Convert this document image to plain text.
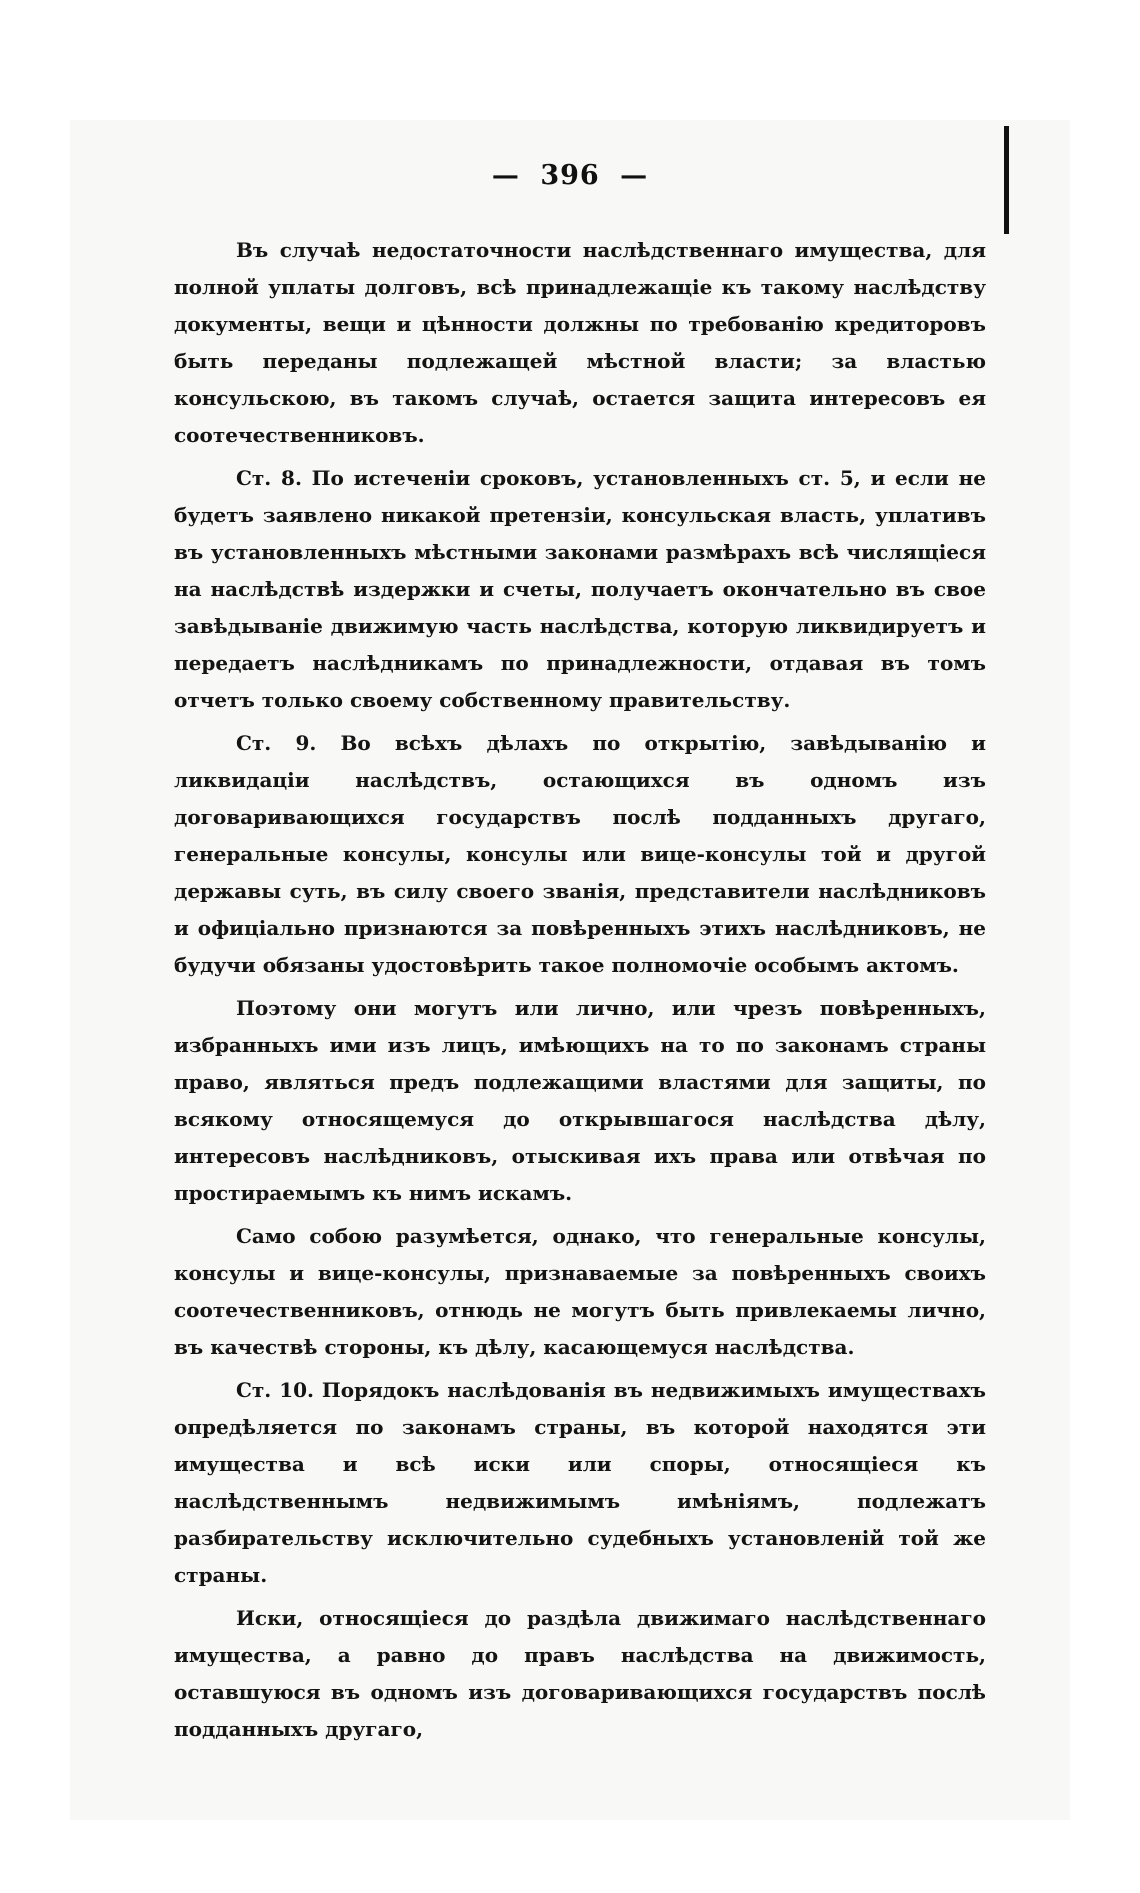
— 396 —

Въ случаѣ недостаточности наслѣдственнаго имущества, для полной уплаты долговъ, всѣ принадлежащіе къ такому наслѣдству документы, вещи и цѣнности должны по требованію кредиторовъ быть переданы подлежащей мѣстной власти; за властью консульскою, въ такомъ случаѣ, остается защита интересовъ ея соотечественниковъ.

Ст. 8. По истеченіи сроковъ, установленныхъ ст. 5, и если не будетъ заявлено никакой претензіи, консульская власть, уплативъ въ установленныхъ мѣстными законами размѣрахъ всѣ числящіеся на наслѣдствѣ издержки и счеты, получаетъ окончательно въ свое завѣдываніе движимую часть наслѣдства, которую ликвидируетъ и передаетъ наслѣдникамъ по принадлежности, отдавая въ томъ отчетъ только своему собственному правительству.

Ст. 9. Во всѣхъ дѣлахъ по открытію, завѣдыванію и ликвидаціи наслѣдствъ, остающихся въ одномъ изъ договаривающихся государствъ послѣ подданныхъ другаго, генеральные консулы, консулы или вице-консулы той и другой державы суть, въ силу своего званія, представители наслѣдниковъ и офиціально признаются за повѣренныхъ этихъ наслѣдниковъ, не будучи обязаны удостовѣрить такое полномочіе особымъ актомъ.

Поэтому они могутъ или лично, или чрезъ повѣренныхъ, избранныхъ ими изъ лицъ, имѣющихъ на то по законамъ страны право, являться предъ подлежащими властями для защиты, по всякому относящемуся до открывшагося наслѣдства дѣлу, интересовъ наслѣдниковъ, отыскивая ихъ права или отвѣчая по простираемымъ къ нимъ искамъ.

Само собою разумѣется, однако, что генеральные консулы, консулы и вице-консулы, признаваемые за повѣренныхъ своихъ соотечественниковъ, отнюдь не могутъ быть привлекаемы лично, въ качествѣ стороны, къ дѣлу, касающемуся наслѣдства.

Ст. 10. Порядокъ наслѣдованія въ недвижимыхъ имуществахъ опредѣляется по законамъ страны, въ которой находятся эти имущества и всѣ иски или споры, относящіеся къ наслѣдственнымъ недвижимымъ имѣніямъ, подлежатъ разбирательству исключительно судебныхъ установленій той же страны.

Иски, относящіеся до раздѣла движимаго наслѣдственнаго имущества, а равно до правъ наслѣдства на движимость, оставшуюся въ одномъ изъ договаривающихся государствъ послѣ подданныхъ другаго,
